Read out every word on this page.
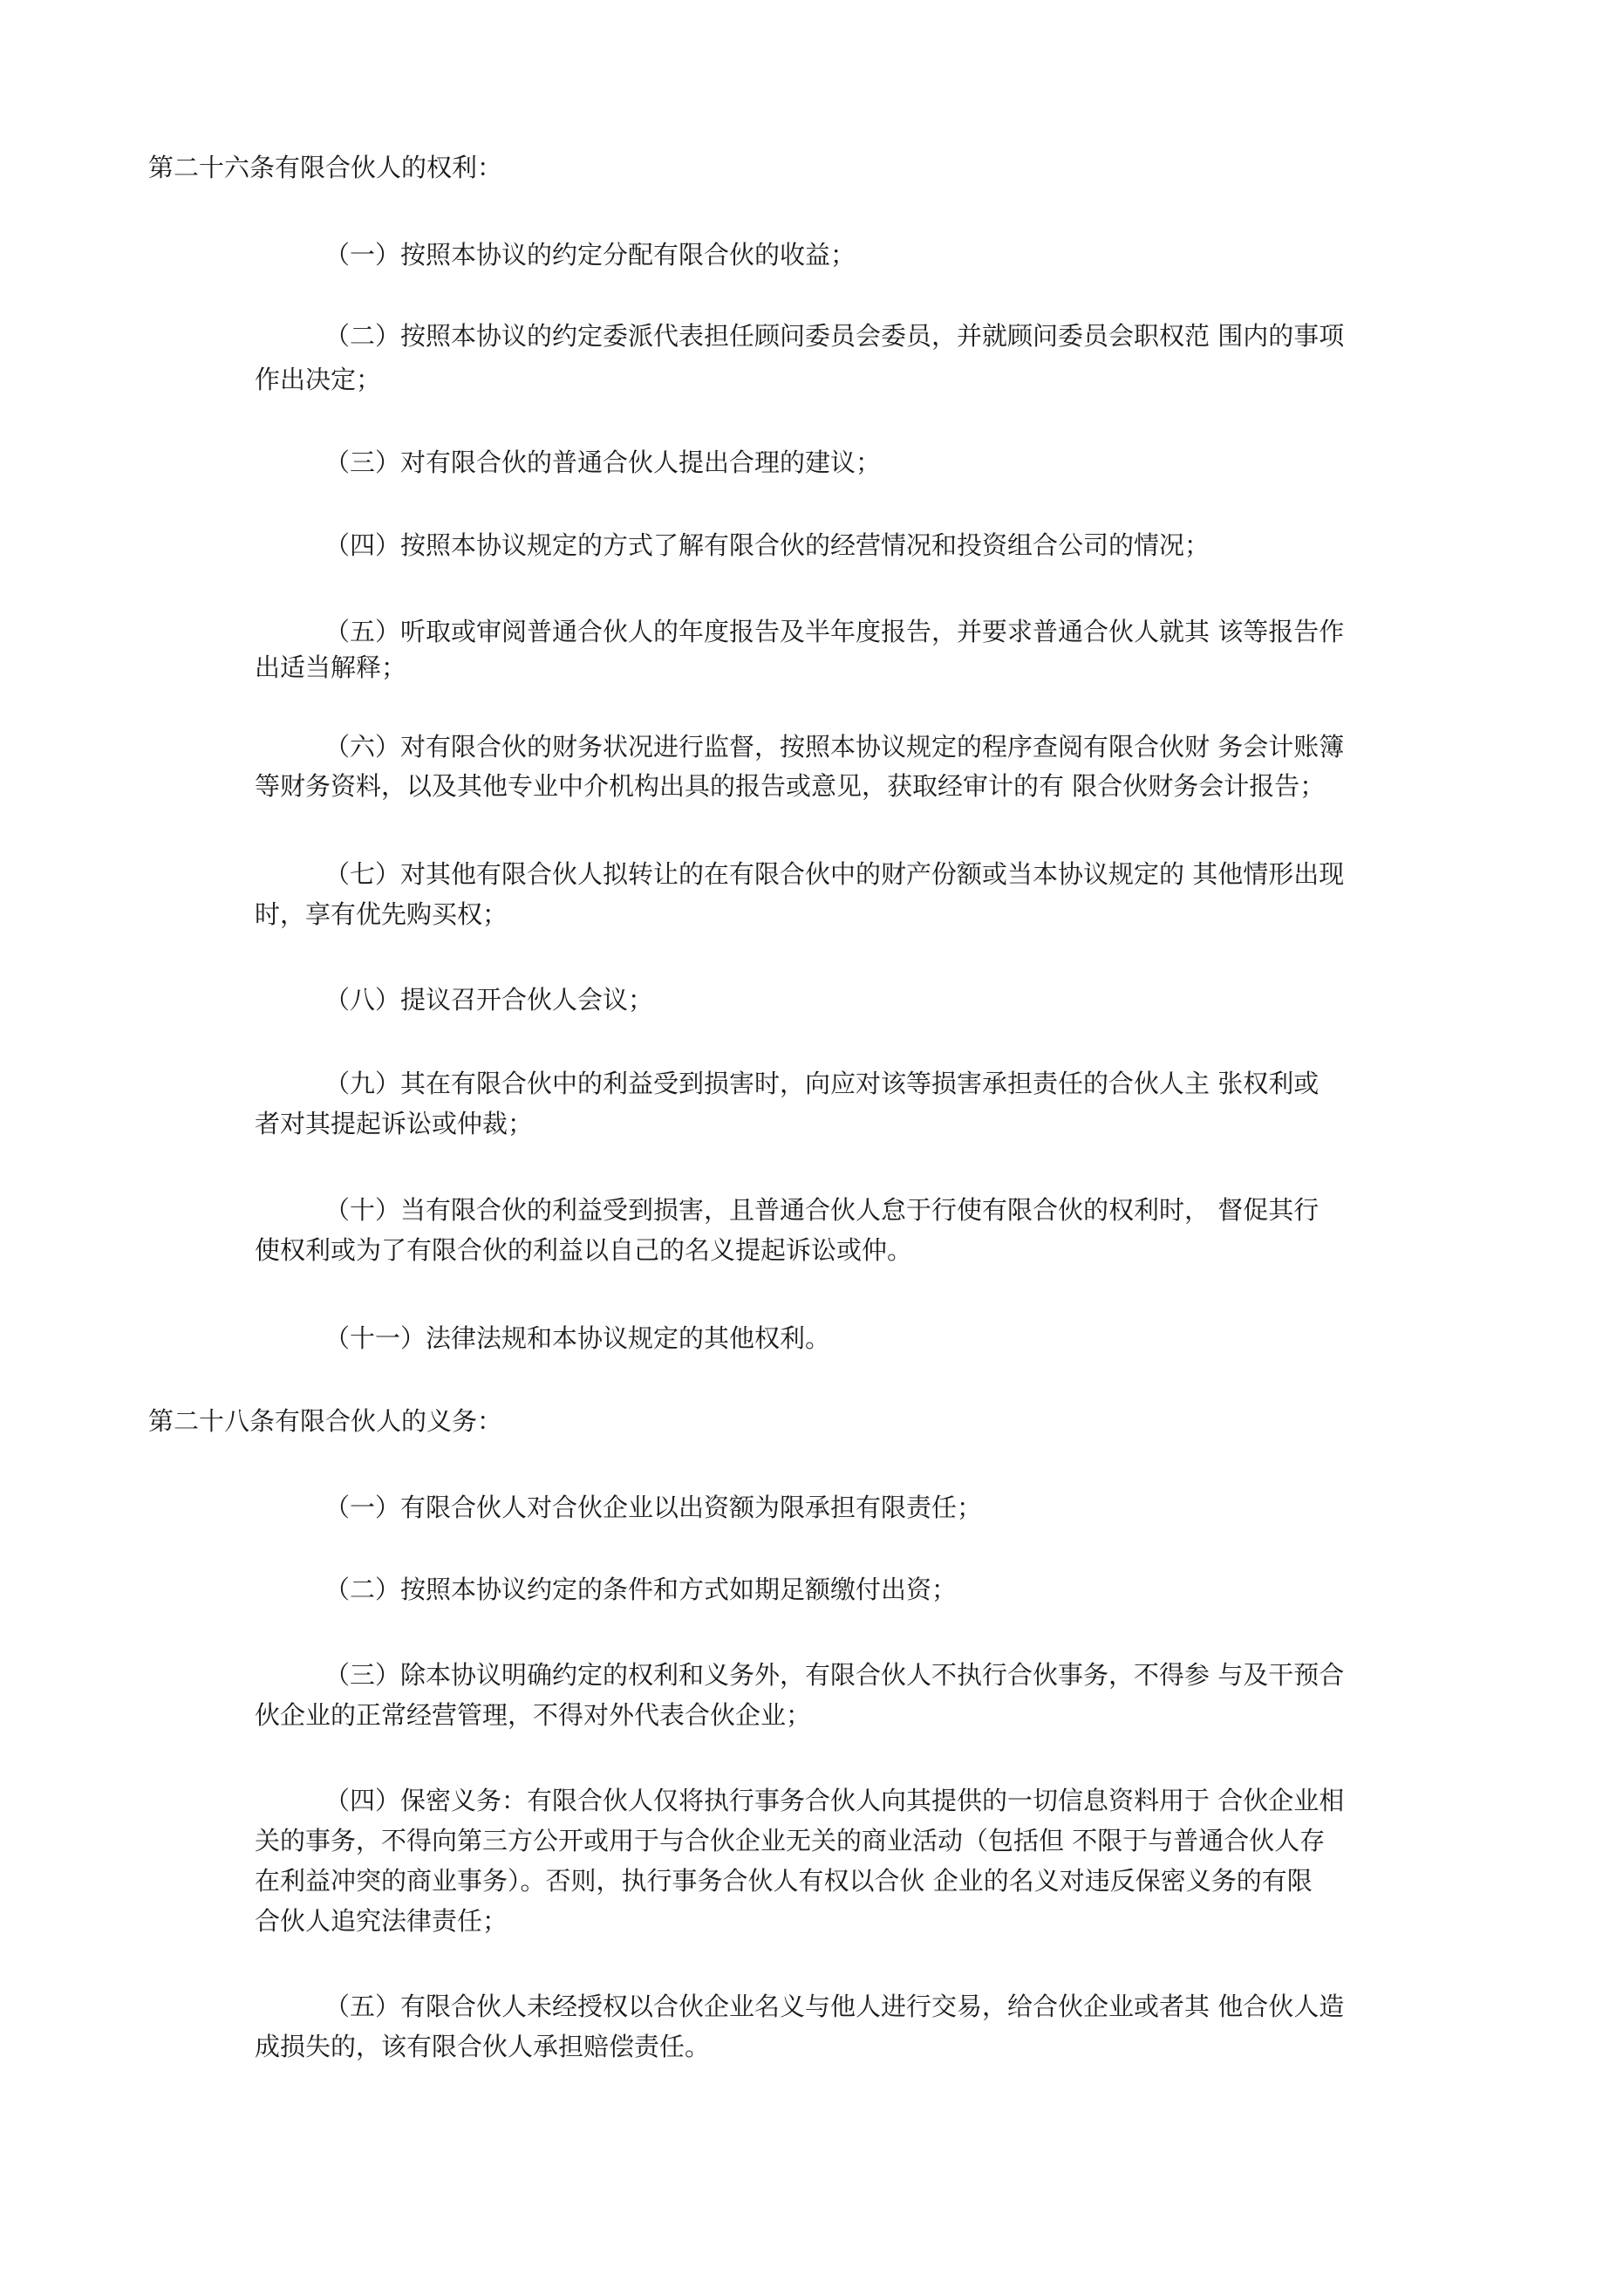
第二十六条有限合伙人的权利：
（一）按照本协议的约定分配有限合伙的收益；
（二）按照本协议的约定委派代表担任顾问委员会委员，并就顾问委员会职权范 围内的事项
作出决定；
（三）对有限合伙的普通合伙人提出合理的建议；
（四）按照本协议规定的方式了解有限合伙的经营情况和投资组合公司的情况；
（五）听取或审阅普通合伙人的年度报告及半年度报告，并要求普通合伙人就其 该等报告作
出适当解释；
（六）对有限合伙的财务状况进行监督，按照本协议规定的程序查阅有限合伙财 务会计账簿
等财务资料，以及其他专业中介机构出具的报告或意见，获取经审计的有 限合伙财务会计报告；
（七）对其他有限合伙人拟转让的在有限合伙中的财产份额或当本协议规定的 其他情形出现
时，享有优先购买权；
（八）提议召开合伙人会议；
（九）其在有限合伙中的利益受到损害时，向应对该等损害承担责任的合伙人主 张权利或
者对其提起诉讼或仲裁；
（十）当有限合伙的利益受到损害，且普通合伙人怠于行使有限合伙的权利时， 督促其行
使权利或为了有限合伙的利益以自己的名义提起诉讼或仲。
（十一）法律法规和本协议规定的其他权利。
第二十八条有限合伙人的义务：
（一）有限合伙人对合伙企业以出资额为限承担有限责任；
（二）按照本协议约定的条件和方式如期足额缴付出资；
（三）除本协议明确约定的权利和义务外，有限合伙人不执行合伙事务，不得参 与及干预合
伙企业的正常经营管理，不得对外代表合伙企业；
（四）保密义务：有限合伙人仅将执行事务合伙人向其提供的一切信息资料用于 合伙企业相
关的事务，不得向第三方公开或用于与合伙企业无关的商业活动（包括但 不限于与普通合伙人存
在利益冲突的商业事务）。否则，执行事务合伙人有权以合伙 企业的名义对违反保密义务的有限
合伙人追究法律责任；
（五）有限合伙人未经授权以合伙企业名义与他人进行交易，给合伙企业或者其 他合伙人造
成损失的，该有限合伙人承担赔偿责任。
